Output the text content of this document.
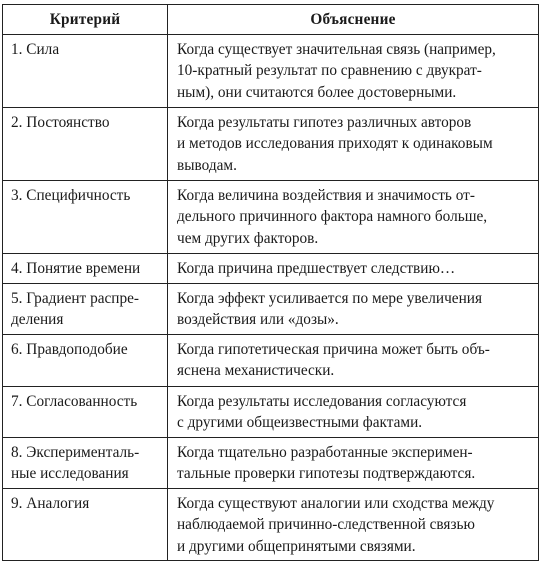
Критерий	Объяснение

1. Сила	Когда существует значительная связь (например,
10-кратный результат по сравнению с двукрат-
ным), они считаются более достоверными.

2. Постоянство	Когда результаты гипотез различных авторов
и методов исследования приходят к одинаковым
выводам.

3. Специфичность	Когда величина воздействия и значимость от-
дельного причинного фактора намного больше,
чем других факторов.

4. Понятие времени	Когда причина предшествует следствию…

5. Градиент распре-
деления	Когда эффект усиливается по мере увеличения
воздействия или «дозы».

6. Правдоподобие	Когда гипотетическая причина может быть объ-
яснена механистически.

7. Согласованность	Когда результаты исследования согласуются
с другими общеизвестными фактами.

8. Эксперименталь-
ные исследования	Когда тщательно разработанные эксперимен-
тальные проверки гипотезы подтверждаются.

9. Аналогия	Когда существуют аналогии или сходства между
наблюдаемой причинно-следственной связью
и другими общепринятыми связями.
